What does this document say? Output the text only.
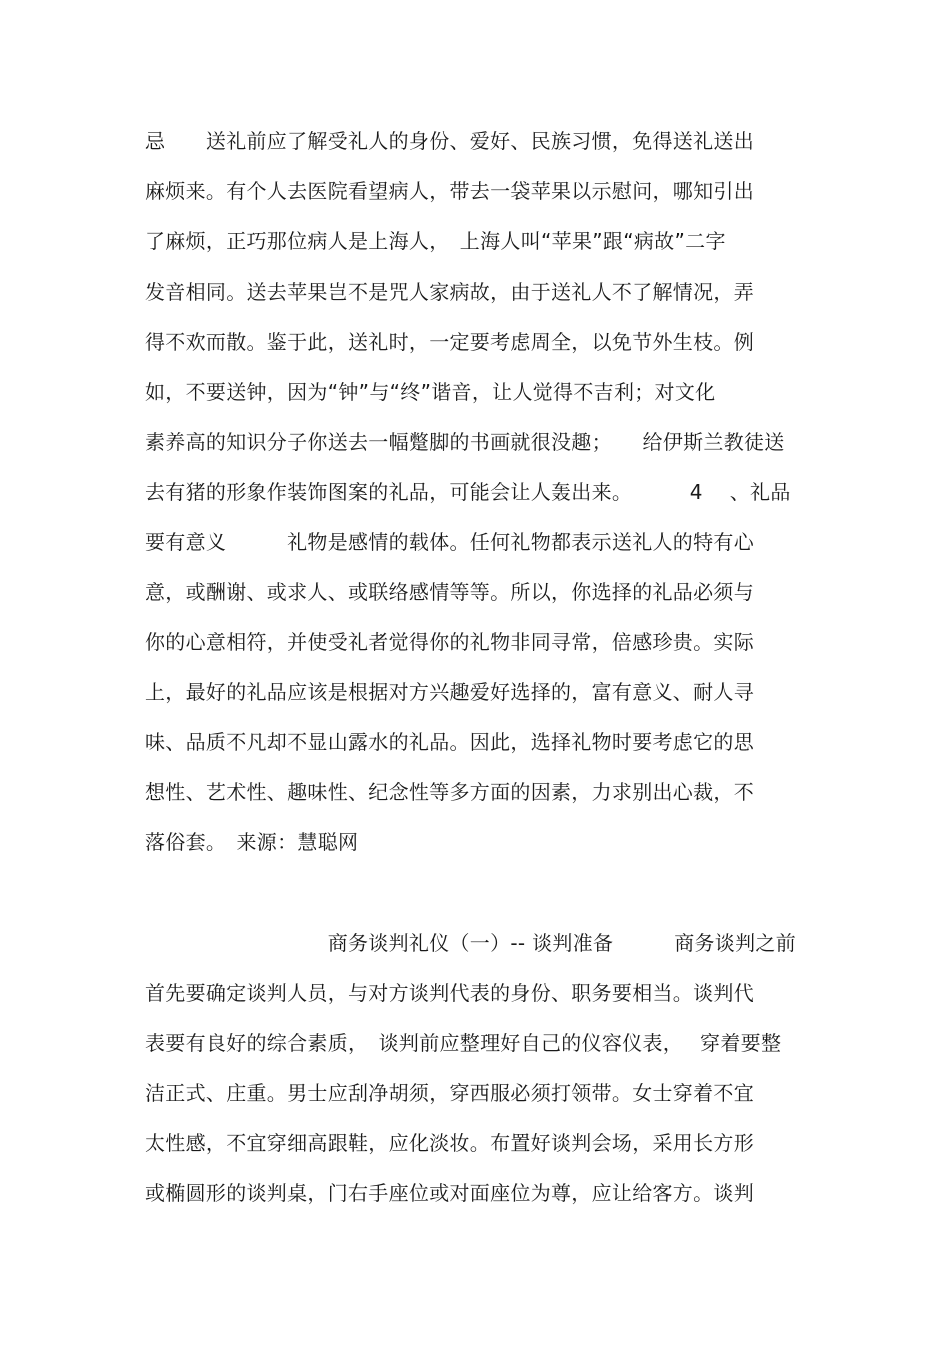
忌　　送礼前应了解受礼人的身份、爱好、民族习惯，免得送礼送出
麻烦来。有个人去医院看望病人，带去一袋苹果以示慰问，哪知引出
了麻烦，正巧那位病人是上海人，　上海人叫“苹果”跟“病故”二字
发音相同。送去苹果岂不是咒人家病故，由于送礼人不了解情况，弄
得不欢而散。鉴于此，送礼时，一定要考虑周全，以免节外生枝。例
如，不要送钟，因为“钟”与“终”谐音，让人觉得不吉利；对文化
素养高的知识分子你送去一幅蹩脚的书画就很没趣；　　给伊斯兰教徒送
去有猪的形象作装饰图案的礼品，可能会让人轰出来。　　　 4 　、礼品
要有意义　　　礼物是感情的载体。任何礼物都表示送礼人的特有心
意，或酬谢、或求人、或联络感情等等。所以，你选择的礼品必须与
你的心意相符，并使受礼者觉得你的礼物非同寻常，倍感珍贵。实际
上，最好的礼品应该是根据对方兴趣爱好选择的，富有意义、耐人寻
味、品质不凡却不显山露水的礼品。因此，选择礼物时要考虑它的思
想性、艺术性、趣味性、纪念性等多方面的因素，力求别出心裁，不
落俗套。　来源：慧聪网
　　　　　　　　　商务谈判礼仪（一）-- 谈判准备　　　商务谈判之前
首先要确定谈判人员，与对方谈判代表的身份、职务要相当。谈判代
表要有良好的综合素质，　谈判前应整理好自己的仪容仪表，　 穿着要整
洁正式、庄重。男士应刮净胡须，穿西服必须打领带。女士穿着不宜
太性感，不宜穿细高跟鞋，应化淡妆。布置好谈判会场，采用长方形
或椭圆形的谈判桌，门右手座位或对面座位为尊，应让给客方。谈判
